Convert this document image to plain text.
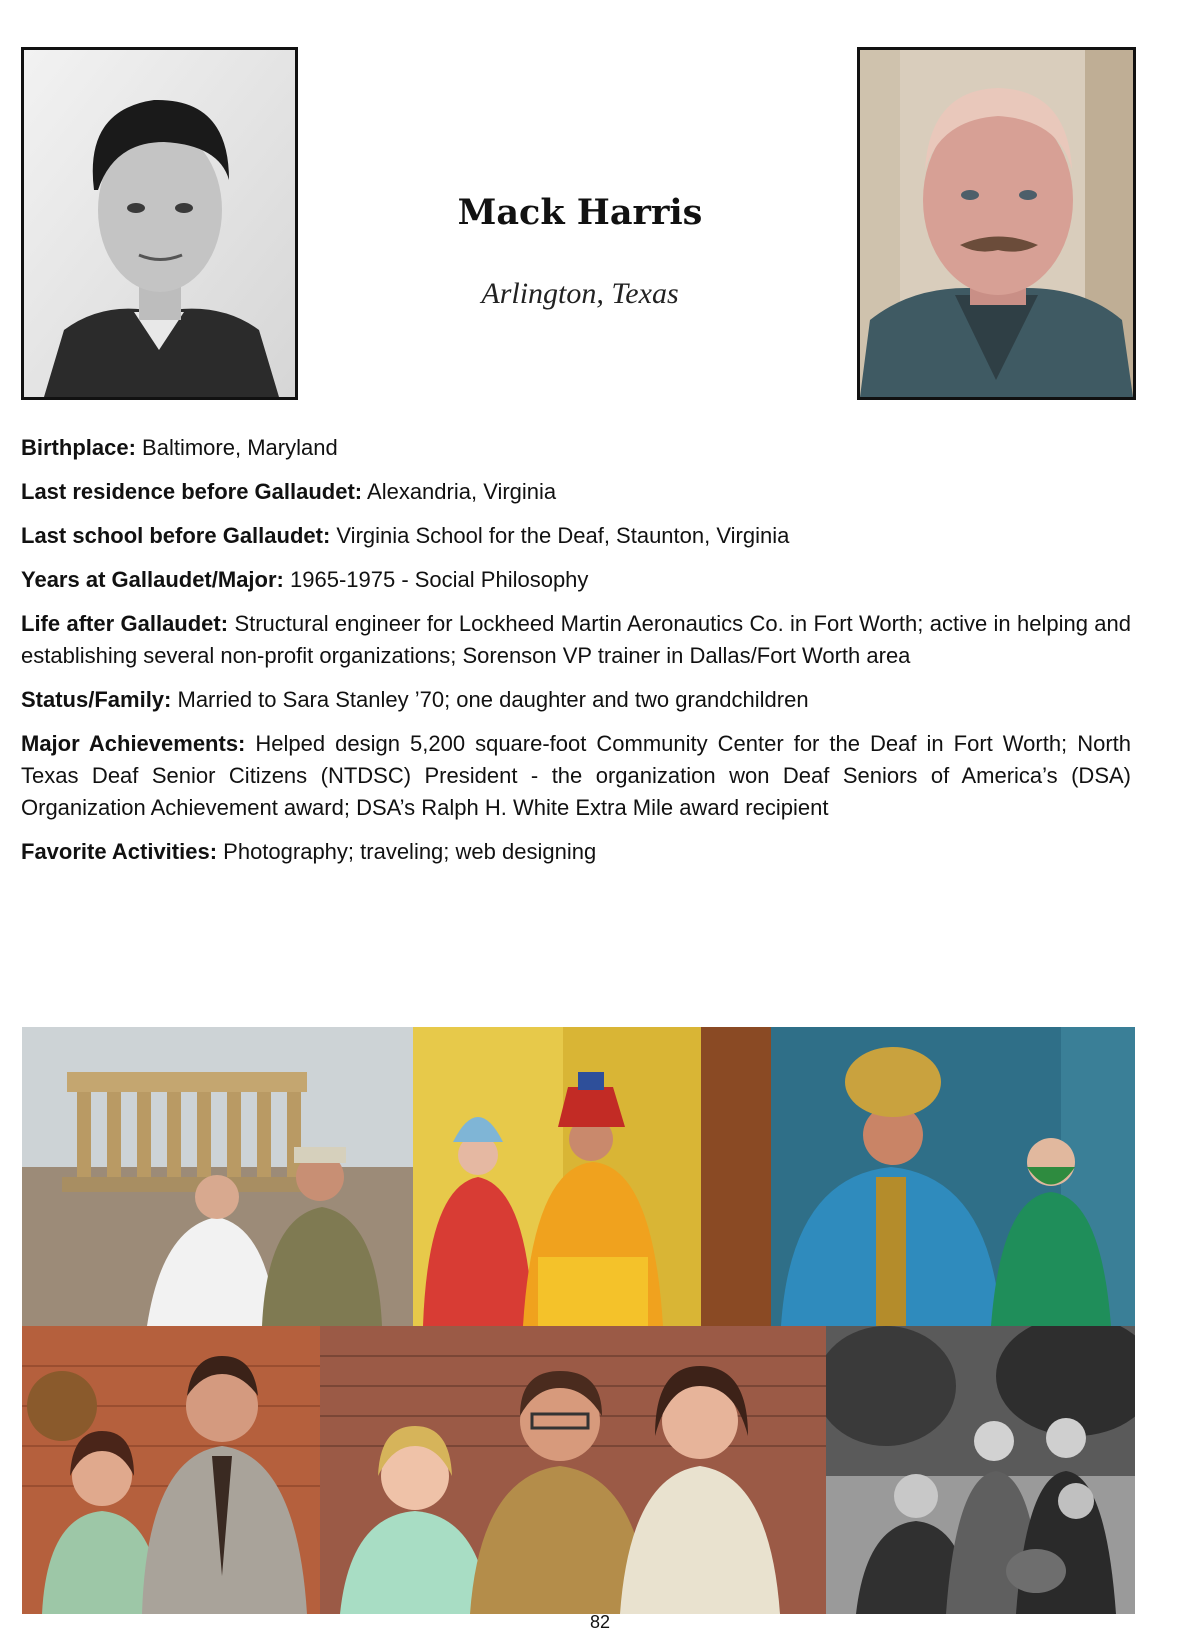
Mack Harris

Arlington, Texas

Birthplace: Baltimore, Maryland

Last residence before Gallaudet: Alexandria, Virginia

Last school before Gallaudet: Virginia School for the Deaf, Staunton, Virginia

Years at Gallaudet/Major: 1965-1975 - Social Philosophy

Life after Gallaudet: Structural engineer for Lockheed Martin Aeronautics Co. in Fort Worth; active in helping and establishing several non-profit organizations; Sorenson VP trainer in Dallas/Fort Worth area

Status/Family: Married to Sara Stanley ’70; one daughter and two grandchildren

Major Achievements: Helped design 5,200 square-foot Community Center for the Deaf in Fort Worth; North Texas Deaf Senior Citizens (NTDSC) President - the organization won Deaf Seniors of America’s (DSA) Organization Achievement award; DSA’s Ralph H. White Extra Mile award recipient

Favorite Activities: Photography; traveling; web designing

82
